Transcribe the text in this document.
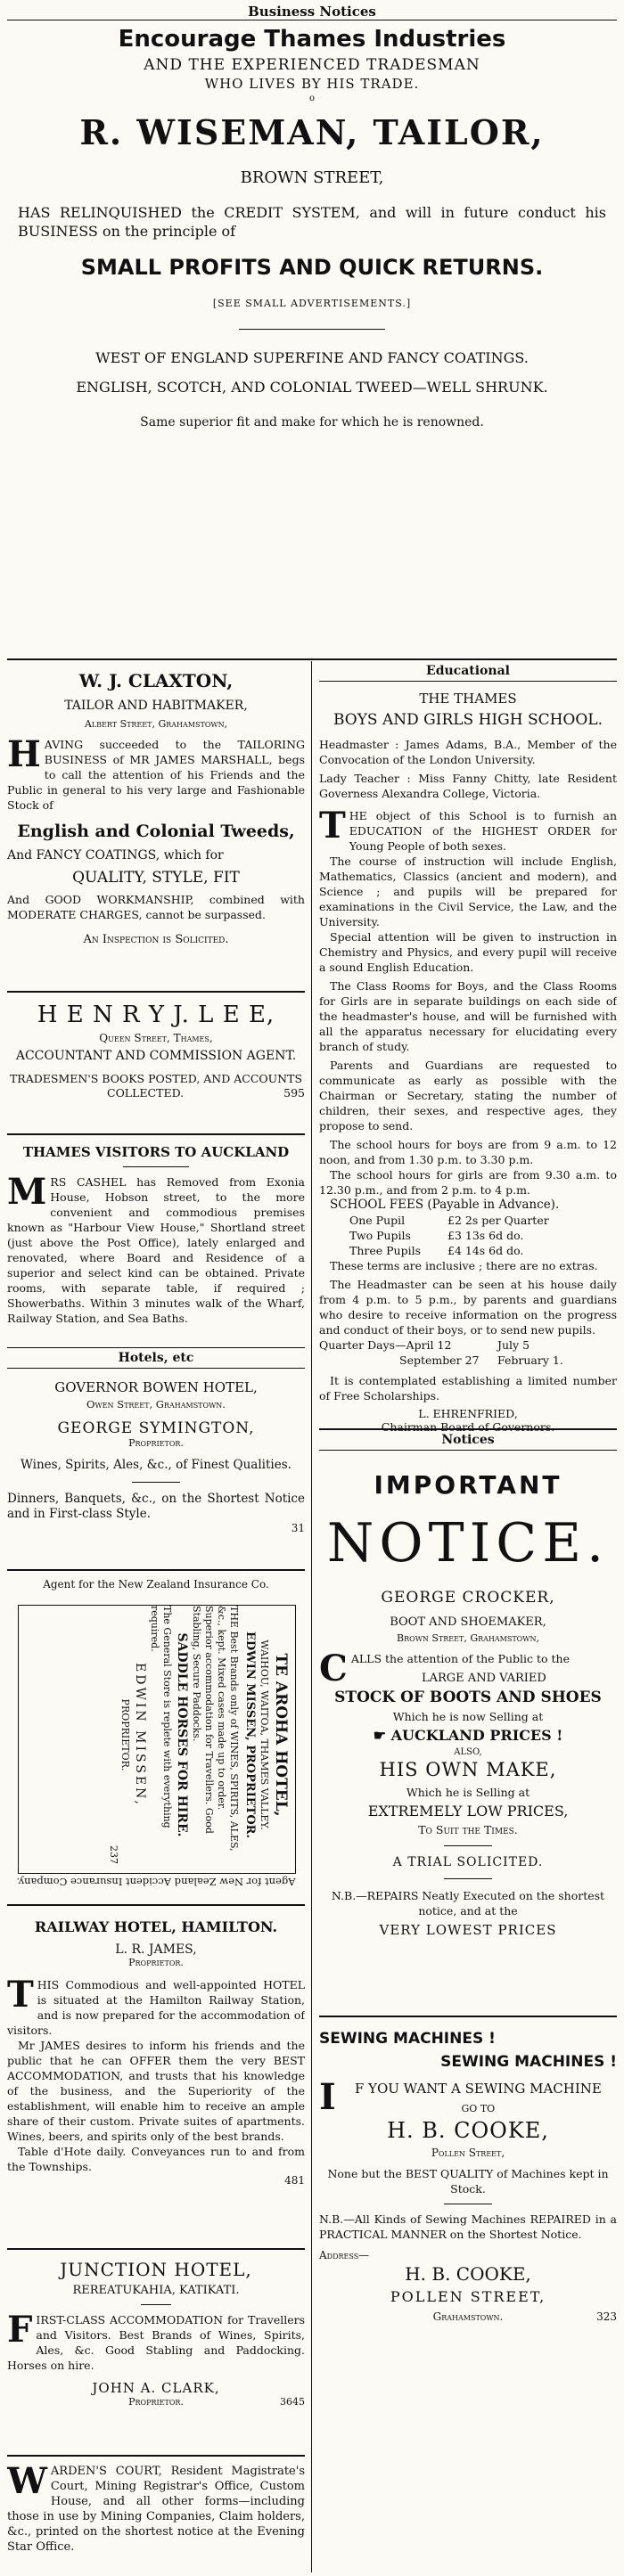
Business Notices
Encourage Thames Industries
AND THE EXPERIENCED TRADESMAN
WHO LIVES BY HIS TRADE.
o
R. WISEMAN, TAILOR,
BROWN STREET,
HAS RELINQUISHED the CREDIT SYSTEM, and will in future conduct his BUSINESS on the principle of
SMALL PROFITS AND QUICK RETURNS.
[SEE SMALL ADVERTISEMENTS.]
WEST OF ENGLAND SUPERFINE AND FANCY COATINGS.
ENGLISH, SCOTCH, AND COLONIAL TWEED—WELL SHRUNK.
Same superior fit and make for which he is renowned.
W. J. CLAXTON,
TAILOR AND HABITMAKER,
Albert Street, Grahamstown,
H AVING succeeded to the TAILORING BUSINESS of MR JAMES MARSHALL, begs to call the attention of his Friends and the Public in general to his very large and Fashionable Stock of
English and Colonial Tweeds,
And FANCY COATINGS, which for
QUALITY, STYLE, FIT
And GOOD WORKMANSHIP, combined with MODERATE CHARGES, cannot be surpassed.
An Inspection is Solicited.
H E N R Y J. L E E,
Queen Street, Thames,
ACCOUNTANT AND COMMISSION AGENT.
TRADESMEN'S BOOKS POSTED, AND ACCOUNTS COLLECTED.	595
THAMES VISITORS TO AUCKLAND
M RS CASHEL has Removed from Exonia House, Hobson street, to the more convenient and commodious premises known as "Harbour View House," Shortland street (just above the Post Office), lately enlarged and renovated, where Board and Residence of a superior and select kind can be obtained. Private rooms, with separate table, if required ; Showerbaths. Within 3 minutes walk of the Wharf, Railway Station, and Sea Baths.
Hotels, etc
GOVERNOR BOWEN HOTEL,
Owen Street, Grahamstown.
GEORGE SYMINGTON,
Proprietor.
Wines, Spirits, Ales, &c., of Finest Qualities.
Dinners, Banquets, &c., on the Shortest Notice and in First-class Style.
31
Agent for the New Zealand Insurance Co.
TE AROHA HOTEL,
WAIHOU, WAITOA, THAMES VALLEY.
EDWIN MISSEN, PROPRIETOR.
THE Best Brands only of WINES, SPIRITS, ALES, &c., kept. Mixed cases made up to order.
Superior accommodation for Travellers. Good Stabling, Secure Paddocks.
SADDLE HORSES FOR HIRE.
The General Store is replete with everything required.
EDWIN MISSEN,
PROPRIETOR.
237
Agent for New Zealand Accident Insurance Company.
RAILWAY HOTEL, HAMILTON.
L. R. JAMES,
Proprietor.
T HIS Commodious and well-appointed HOTEL is situated at the Hamilton Railway Station, and is now prepared for the accommodation of visitors.
Mr JAMES desires to inform his friends and the public that he can OFFER them the very BEST ACCOMMODATION, and trusts that his knowledge of the business, and the Superiority of the establishment, will enable him to receive an ample share of their custom. Private suites of apartments. Wines, beers, and spirits only of the best brands.
Table d'Hote daily. Conveyances run to and from the Townships.
481
JUNCTION HOTEL,
REREATUKAHIA, KATIKATI.
F IRST-CLASS ACCOMMODATION for Travellers and Visitors. Best Brands of Wines, Spirits, Ales, &c. Good Stabling and Paddocking. Horses on hire.
JOHN A. CLARK,
Proprietor.	3645
W ARDEN'S COURT, Resident Magistrate's Court, Mining Registrar's Office, Custom House, and all other forms—including those in use by Mining Companies, Claim holders, &c., printed on the shortest notice at the Evening Star Office.
Educational
THE THAMES
BOYS AND GIRLS HIGH SCHOOL.
Headmaster : James Adams, B.A., Member of the Convocation of the London University.
Lady Teacher : Miss Fanny Chitty, late Resident Governess Alexandra College, Victoria.
T HE object of this School is to furnish an EDUCATION of the HIGHEST ORDER for Young People of both sexes.
The course of instruction will include English, Mathematics, Classics (ancient and modern), and Science ; and pupils will be prepared for examinations in the Civil Service, the Law, and the University.
Special attention will be given to instruction in Chemistry and Physics, and every pupil will receive a sound English Education.
The Class Rooms for Boys, and the Class Rooms for Girls are in separate buildings on each side of the headmaster's house, and will be furnished with all the apparatus necessary for elucidating every branch of study.
Parents and Guardians are requested to communicate as early as possible with the Chairman or Secretary, stating the number of children, their sexes, and respective ages, they propose to send.
The school hours for boys are from 9 a.m. to 12 noon, and from 1.30 p.m. to 3.30 p.m.
The school hours for girls are from 9.30 a.m. to 12.30 p.m., and from 2 p.m. to 4 p.m.
SCHOOL FEES (Payable in Advance).
One Pupil	£2 2s per Quarter
Two Pupils	£3 13s 6d do.
Three Pupils £4 14s 6d do.
These terms are inclusive ; there are no extras.
The Headmaster can be seen at his house daily from 4 p.m. to 5 p.m., by parents and guardians who desire to receive information on the progress and conduct of their boys, or to send new pupils.
Quarter Days—April 12	July 5
September 27 February 1.
It is contemplated establishing a limited number of Free Scholarships.
L. EHRENFRIED,
Chairman Board of Governors.
Notices
IMPORTANT
NOTICE.
GEORGE CROCKER,
BOOT AND SHOEMAKER,
Brown Street, Grahamstown,
C ALLS the attention of the Public to the
LARGE AND VARIED
STOCK OF BOOTS AND SHOES
Which he is now Selling at
☛ AUCKLAND PRICES !
ALSO,
HIS OWN MAKE,
Which he is Selling at
EXTREMELY LOW PRICES,
To Suit the Times.
A TRIAL SOLICITED.
N.B.—REPAIRS Neatly Executed on the shortest notice, and at the
VERY LOWEST PRICES
SEWING MACHINES !
SEWING MACHINES !
I F YOU WANT A SEWING MACHINE
GO TO
H. B. COOKE,
Pollen Street,
None but the BEST QUALITY of Machines kept in Stock.
N.B.—All Kinds of Sewing Machines REPAIRED in a PRACTICAL MANNER on the Shortest Notice.
Address—
H. B. COOKE,
POLLEN STREET,
Grahamstown.	323
